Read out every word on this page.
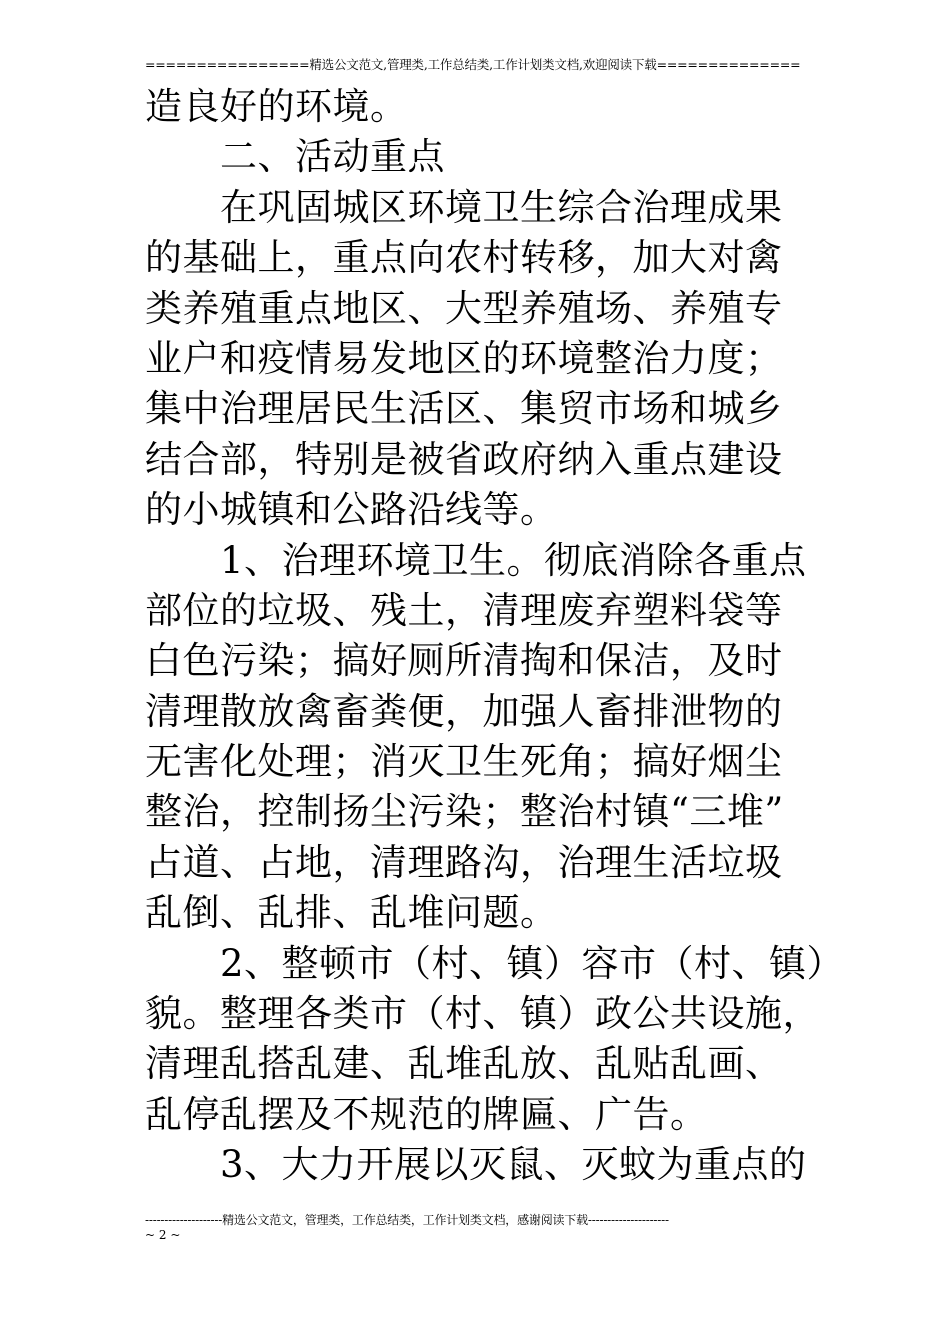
================精选公文范文,管理类,工作总结类,工作计划类文档,欢迎阅读下载==============
造良好的环境。
二、活动重点
在巩固城区环境卫生综合治理成果
的基础上，重点向农村转移，加大对禽
类养殖重点地区、大型养殖场、养殖专
业户和疫情易发地区的环境整治力度；
集中治理居民生活区、集贸市场和城乡
结合部，特别是被省政府纳入重点建设
的小城镇和公路沿线等。
1、治理环境卫生。彻底消除各重点
部位的垃圾、残土，清理废弃塑料袋等
白色污染；搞好厕所清掏和保洁，及时
清理散放禽畜粪便，加强人畜排泄物的
无害化处理；消灭卫生死角；搞好烟尘
整治，控制扬尘污染；整治村镇“三堆”
占道、占地，清理路沟，治理生活垃圾
乱倒、乱排、乱堆问题。
2、整顿市（村、镇）容市（村、镇）
貌。整理各类市（村、镇）政公共设施，
清理乱搭乱建、乱堆乱放、乱贴乱画、
乱停乱摆及不规范的牌匾、广告。
3、大力开展以灭鼠、灭蚊为重点的
--------------------精选公文范文，管理类，工作总结类，工作计划类文档，感谢阅读下载---------------------
~ 2 ~
